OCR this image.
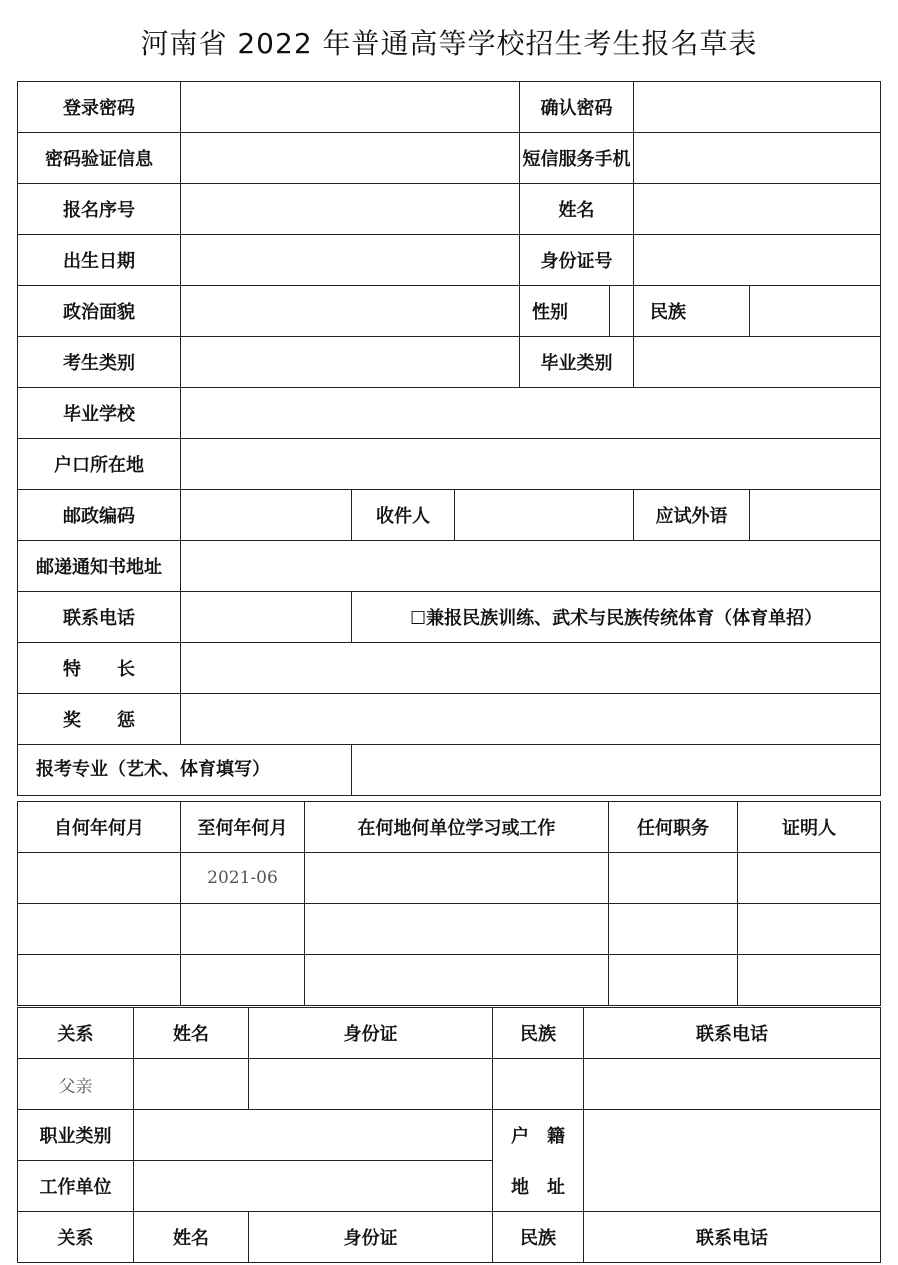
河南省 2022 年普通高等学校招生考生报名草表
登录密码				确认密码			
密码验证信息				短信服务手机			
报名序号				姓名			
出生日期				身份证号			
政治面貌				性别		民族	
考生类别				毕业类别			
毕业学校							
户口所在地							
邮政编码		收件人				应试外语	
邮递通知书地址							
联系电话		☐兼报民族训练、武术与民族传统体育（体育单招）					
特　　长							
奖　　惩							

报考专业（艺术、体育填写）							

自何年何月	至何年何月	在何地何单位学习或工作	任何职务	证明人
	2021-06			

关系	姓名	身份证	民族	联系电话
父亲				
职业类别			户　籍	
工作单位			地　址	
关系	姓名	身份证	民族	联系电话
